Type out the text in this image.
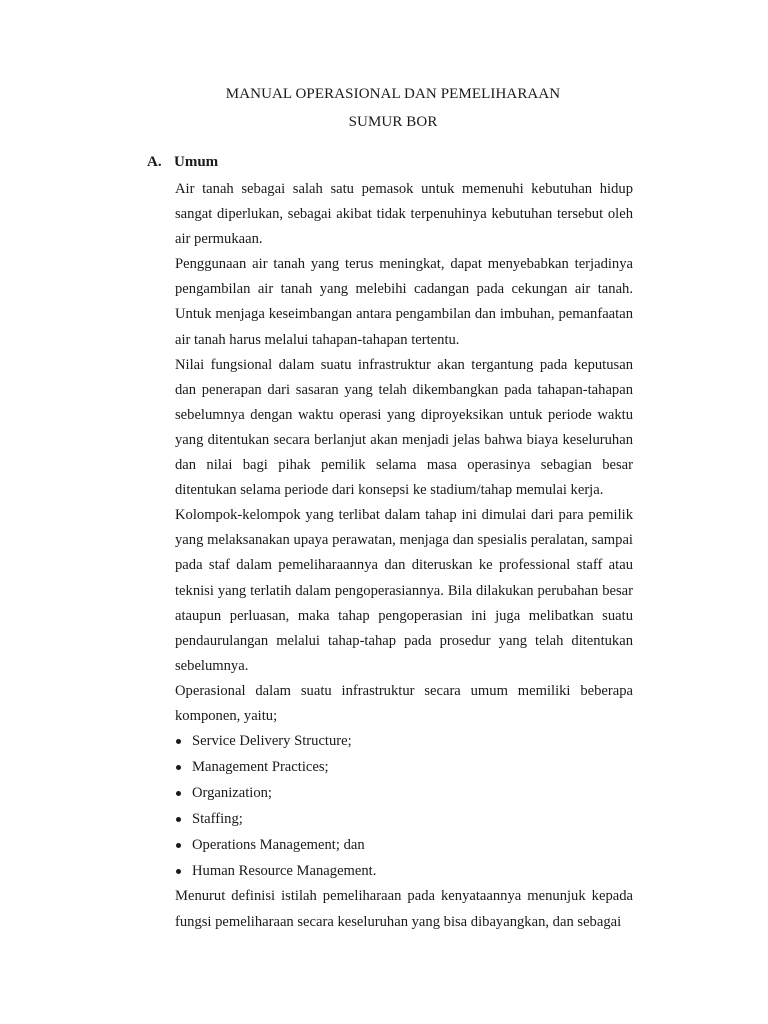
MANUAL OPERASIONAL DAN PEMELIHARAAN
SUMUR BOR
A. Umum

Air tanah sebagai salah satu pemasok untuk memenuhi kebutuhan hidup sangat diperlukan, sebagai akibat tidak terpenuhinya kebutuhan tersebut oleh air permukaan.

Penggunaan air tanah yang terus meningkat, dapat menyebabkan terjadinya pengambilan air tanah yang melebihi cadangan pada cekungan air tanah. Untuk menjaga keseimbangan antara pengambilan dan imbuhan, pemanfaatan air tanah harus melalui tahapan-tahapan tertentu.

Nilai fungsional dalam suatu infrastruktur akan tergantung pada keputusan dan penerapan dari sasaran yang telah dikembangkan pada tahapan-tahapan sebelumnya dengan waktu operasi yang diproyeksikan untuk periode waktu yang ditentukan secara berlanjut akan menjadi jelas bahwa biaya keseluruhan dan nilai bagi pihak pemilik selama masa operasinya sebagian besar ditentukan selama periode dari konsepsi ke stadium/tahap memulai kerja.

Kolompok-kelompok yang terlibat dalam tahap ini dimulai dari para pemilik yang melaksanakan upaya perawatan, menjaga dan spesialis peralatan, sampai pada staf dalam pemeliharaannya dan diteruskan ke professional staff atau teknisi yang terlatih dalam pengoperasiannya. Bila dilakukan perubahan besar ataupun perluasan, maka tahap pengoperasian ini juga melibatkan suatu pendaurulangan melalui tahap-tahap pada prosedur yang telah ditentukan sebelumnya.

Operasional dalam suatu infrastruktur secara umum memiliki beberapa komponen, yaitu;

Service Delivery Structure;
Management Practices;
Organization;
Staffing;
Operations Management; dan
Human Resource Management.

Menurut definisi istilah pemeliharaan pada kenyataannya menunjuk kepada fungsi pemeliharaan secara keseluruhan yang bisa dibayangkan, dan sebagai
